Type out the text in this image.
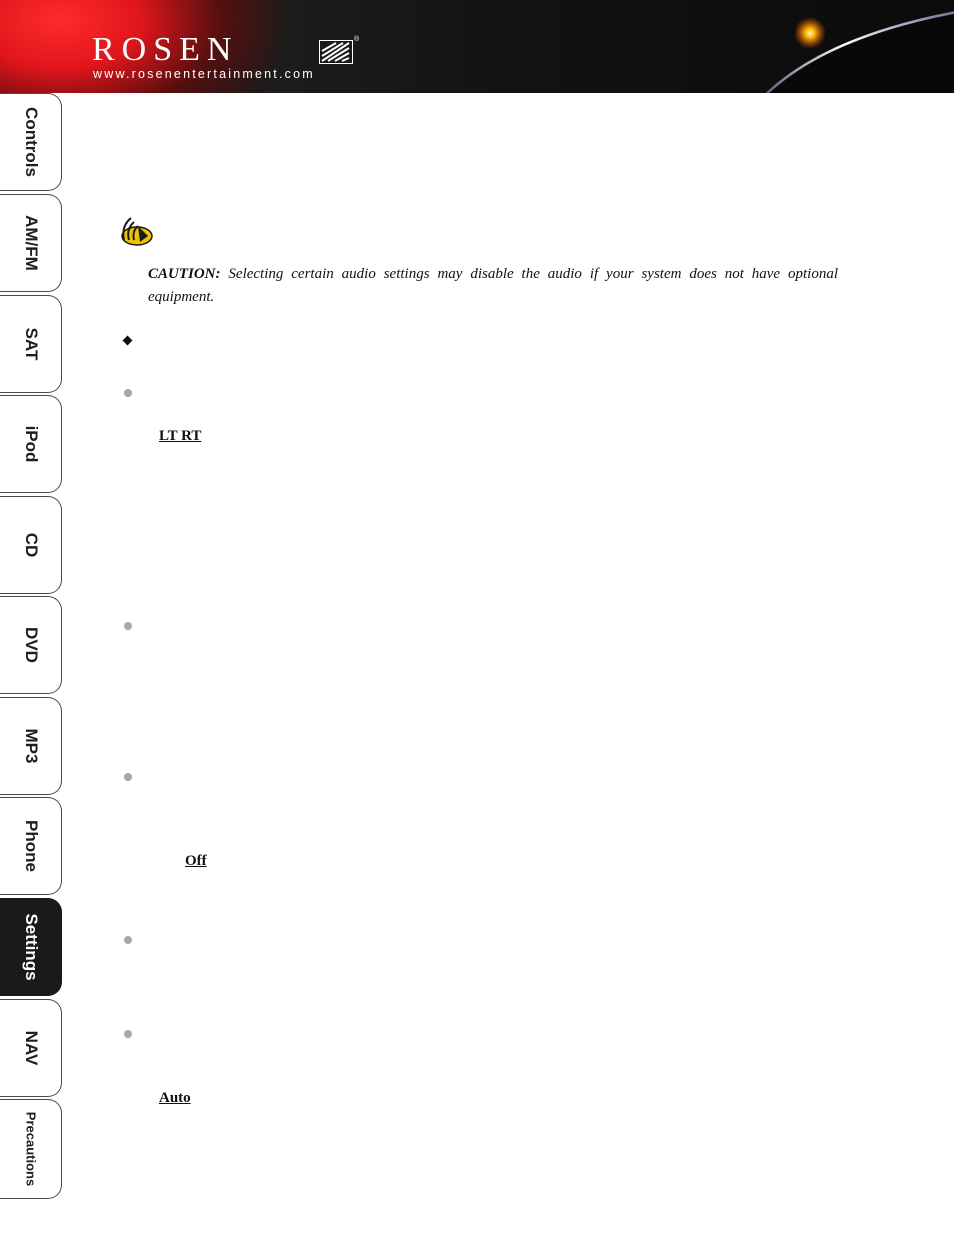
ROSEN	®
www.rosenentertainment.com
Controls
AM/FM
SAT
iPod
CD
DVD
MP3
Phone
Settings
NAV
Precautions
CAUTION: Selecting certain audio settings may disable the audio if your system does not have optional equipment.
LT RT
Off
Auto
